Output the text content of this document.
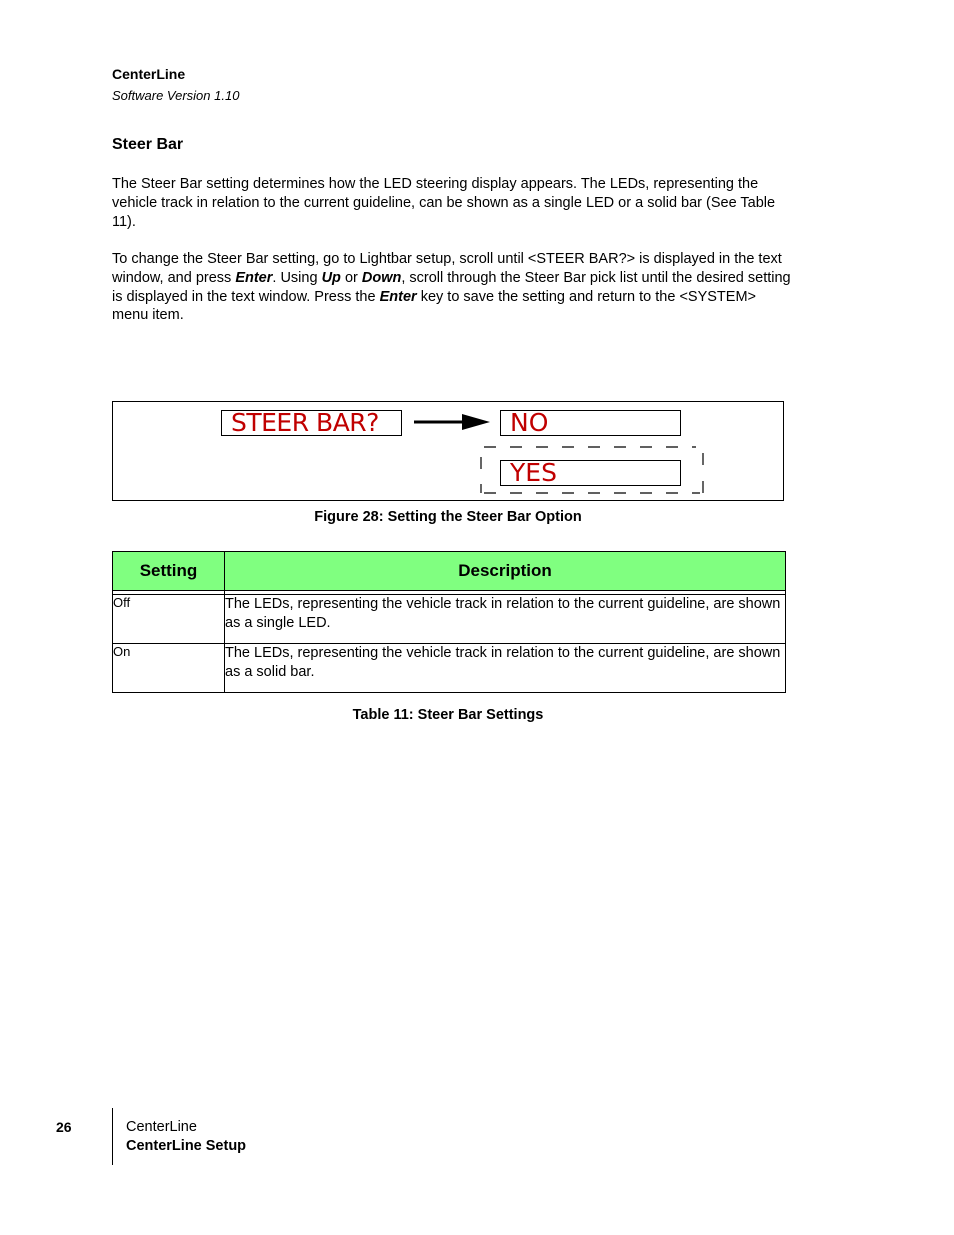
CenterLine
Software Version 1.10
Steer Bar
The Steer Bar setting determines how the LED steering display appears. The LEDs, representing the vehicle track in relation to the current guideline, can be shown as a single LED or a solid bar (See Table 11).
To change the Steer Bar setting, go to Lightbar setup, scroll until <STEER BAR?> is displayed in the text window, and press Enter. Using Up or Down, scroll through the Steer Bar pick list until the desired setting is displayed in the text window. Press the Enter key to save the setting and return to the <SYSTEM> menu item.
STEER BAR?	NO
YES
Figure 28: Setting the Steer Bar Option
Setting	Description

Off	The LEDs, representing the vehicle track in relation to the current guideline, are shown as a single LED.
On	The LEDs, representing the vehicle track in relation to the current guideline, are shown as a solid bar.
Table 11: Steer Bar Settings
26	CenterLine
CenterLine Setup
